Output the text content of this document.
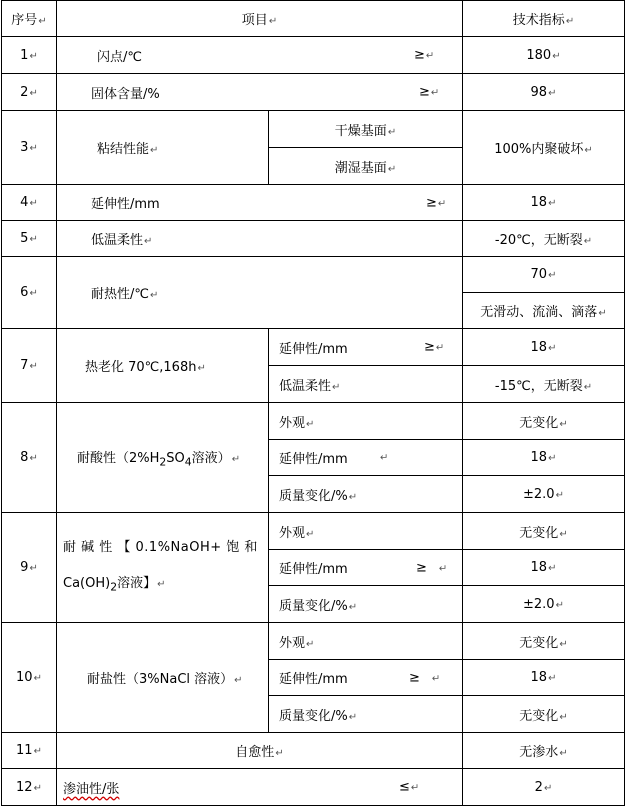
序号↵	项目↵		技术指标↵
1↵	闪点/℃ ≥↵		180↵
2↵	固体含量/% ≥↵		98↵
3↵	粘结性能↵	干燥基面↵	100%内聚破坏↵
		潮湿基面↵	
4↵	延伸性/mm ≥↵		18↵
5↵	低温柔性↵		-20℃，无断裂↵
6↵	耐热性/℃↵		70↵
			无滑动、流淌、滴落↵
7↵	热老化 70℃,168h↵	延伸性/mm ≥↵	18↵
		低温柔性↵	-15℃，无断裂↵
8↵	耐酸性（$2\%H_2SO_4$溶液）↵	外观↵	无变化↵
		延伸性/mm ↵	18↵
		质量变化/%↵	±2.0↵
9↵	耐 碱 性 【 0.1%NaOH+ 饱 和
$Ca(OH)_2$溶液】↵	外观↵	无变化↵
		延伸性/mm ≥ ↵	18↵
		质量变化/%↵	±2.0↵
10↵	耐盐性（3%NaCl 溶液）↵	外观↵	无变化↵
		延伸性/mm ≥ ↵	18↵
		质量变化/%↵	无变化↵
11↵	自愈性↵		无渗水↵
12↵	渗油性/张 ≤↵		2↵
